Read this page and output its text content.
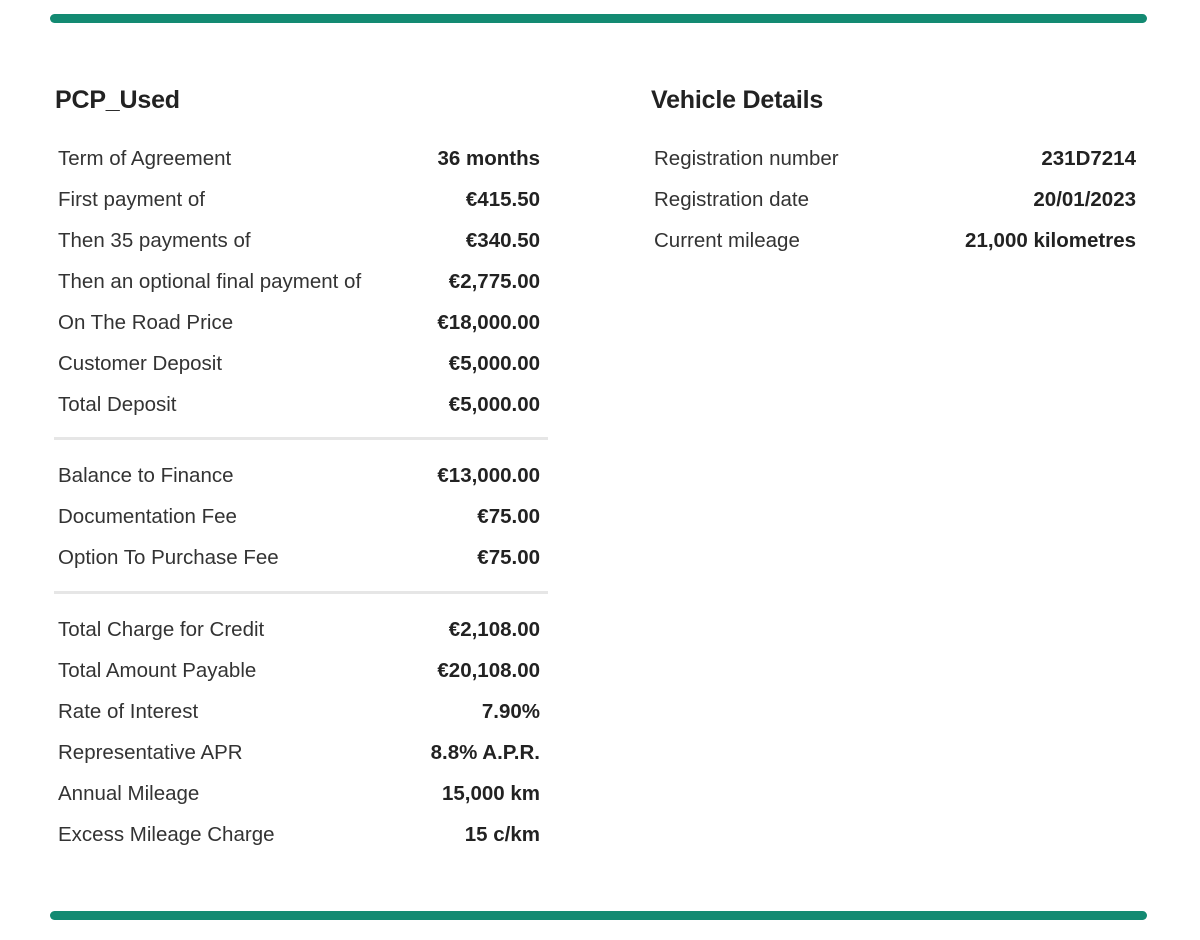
PCP_Used
Term of Agreement	36 months
First payment of	€415.50
Then 35 payments of	€340.50
Then an optional final payment of	€2,775.00
On The Road Price	€18,000.00
Customer Deposit	€5,000.00
Total Deposit	€5,000.00
Balance to Finance	€13,000.00
Documentation Fee	€75.00
Option To Purchase Fee	€75.00
Total Charge for Credit	€2,108.00
Total Amount Payable	€20,108.00
Rate of Interest	7.90%
Representative APR	8.8% A.P.R.
Annual Mileage	15,000 km
Excess Mileage Charge	15 c/km
Vehicle Details
Registration number	231D7214
Registration date	20/01/2023
Current mileage	21,000 kilometres
